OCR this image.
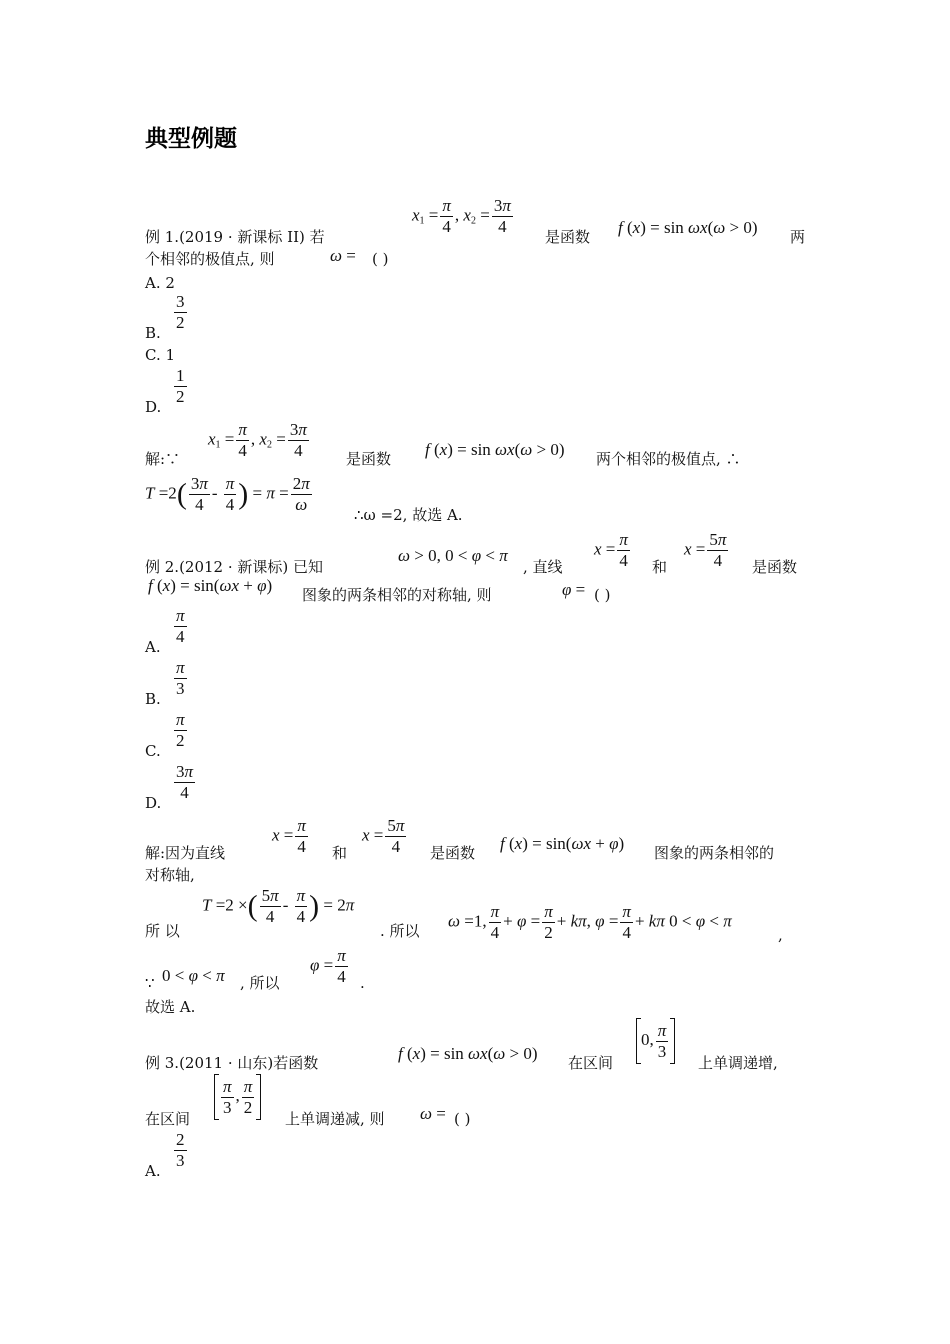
典型例题
$x_1 = \frac{\pi}{4}$ , $x_2 = \frac{3\pi}{4}$
例 1.(2019 · 新课标 II) 若	是函数 f (x) = sin ωx(ω > 0) 两
个相邻的极值点, 则	ω = ( )
A. 2
$\frac{3}{2}$
B.
C. 1
$\frac{1}{2}$
D.
解:∵
$x_1 = \frac{\pi}{4}$ , $x_2 = \frac{3\pi}{4}$ 是函数 f (x) = sin ωx(ω > 0) 两个相邻的极值点, ∴
$T =2( \frac{3\pi}{4} - \frac{\pi}{4}$ ) = $\pi = \frac{2\pi}{\omega}$	∴ω =2, 故选 A.
例 2.(2012 · 新课标) 已知
ω > 0, 0 < φ < π
, 直线
$x = \frac{\pi}{4}$ 和
$x = \frac{5\pi}{4}$ 是函数
f (x) = sin(ωx + φ) 图象的两条相邻的对称轴, 则	φ = ( )
$\frac{\pi}{4}$
A.
$\frac{\pi}{3}$
B.
$\frac{\pi}{2}$
C.
$\frac{3\pi}{4}$
D.
解:因为直线
$x = \frac{\pi}{4}$ 和
$x = \frac{5\pi}{4}$ 是函数 f (x) = sin(ωx + φ) 图象的两条相邻的
对称轴,
所 以
T =2 ×( $\frac{5\pi}{4} - \frac{\pi}{4}$ ) = 2π
. 所以
ω =1, $\frac{\pi}{4} + \varphi = \frac{\pi}{2} + k\pi$, $\varphi = \frac{\pi}{4} + k\pi$ 0 < φ < π
,
∵ 0 < φ < π , 所以
$\varphi = \frac{\pi}{4}$ .
故选 A.
例 3.(2011 · 山东)若函数	f (x) = sin ωx(ω > 0) 在区间
0, $\frac{\pi}{3}$
上单调递增,
在区间
$\frac{\pi}{3}$ , $\frac{\pi}{2}$
上单调递减, 则 ω = ( )
$\frac{2}{3}$
A.
